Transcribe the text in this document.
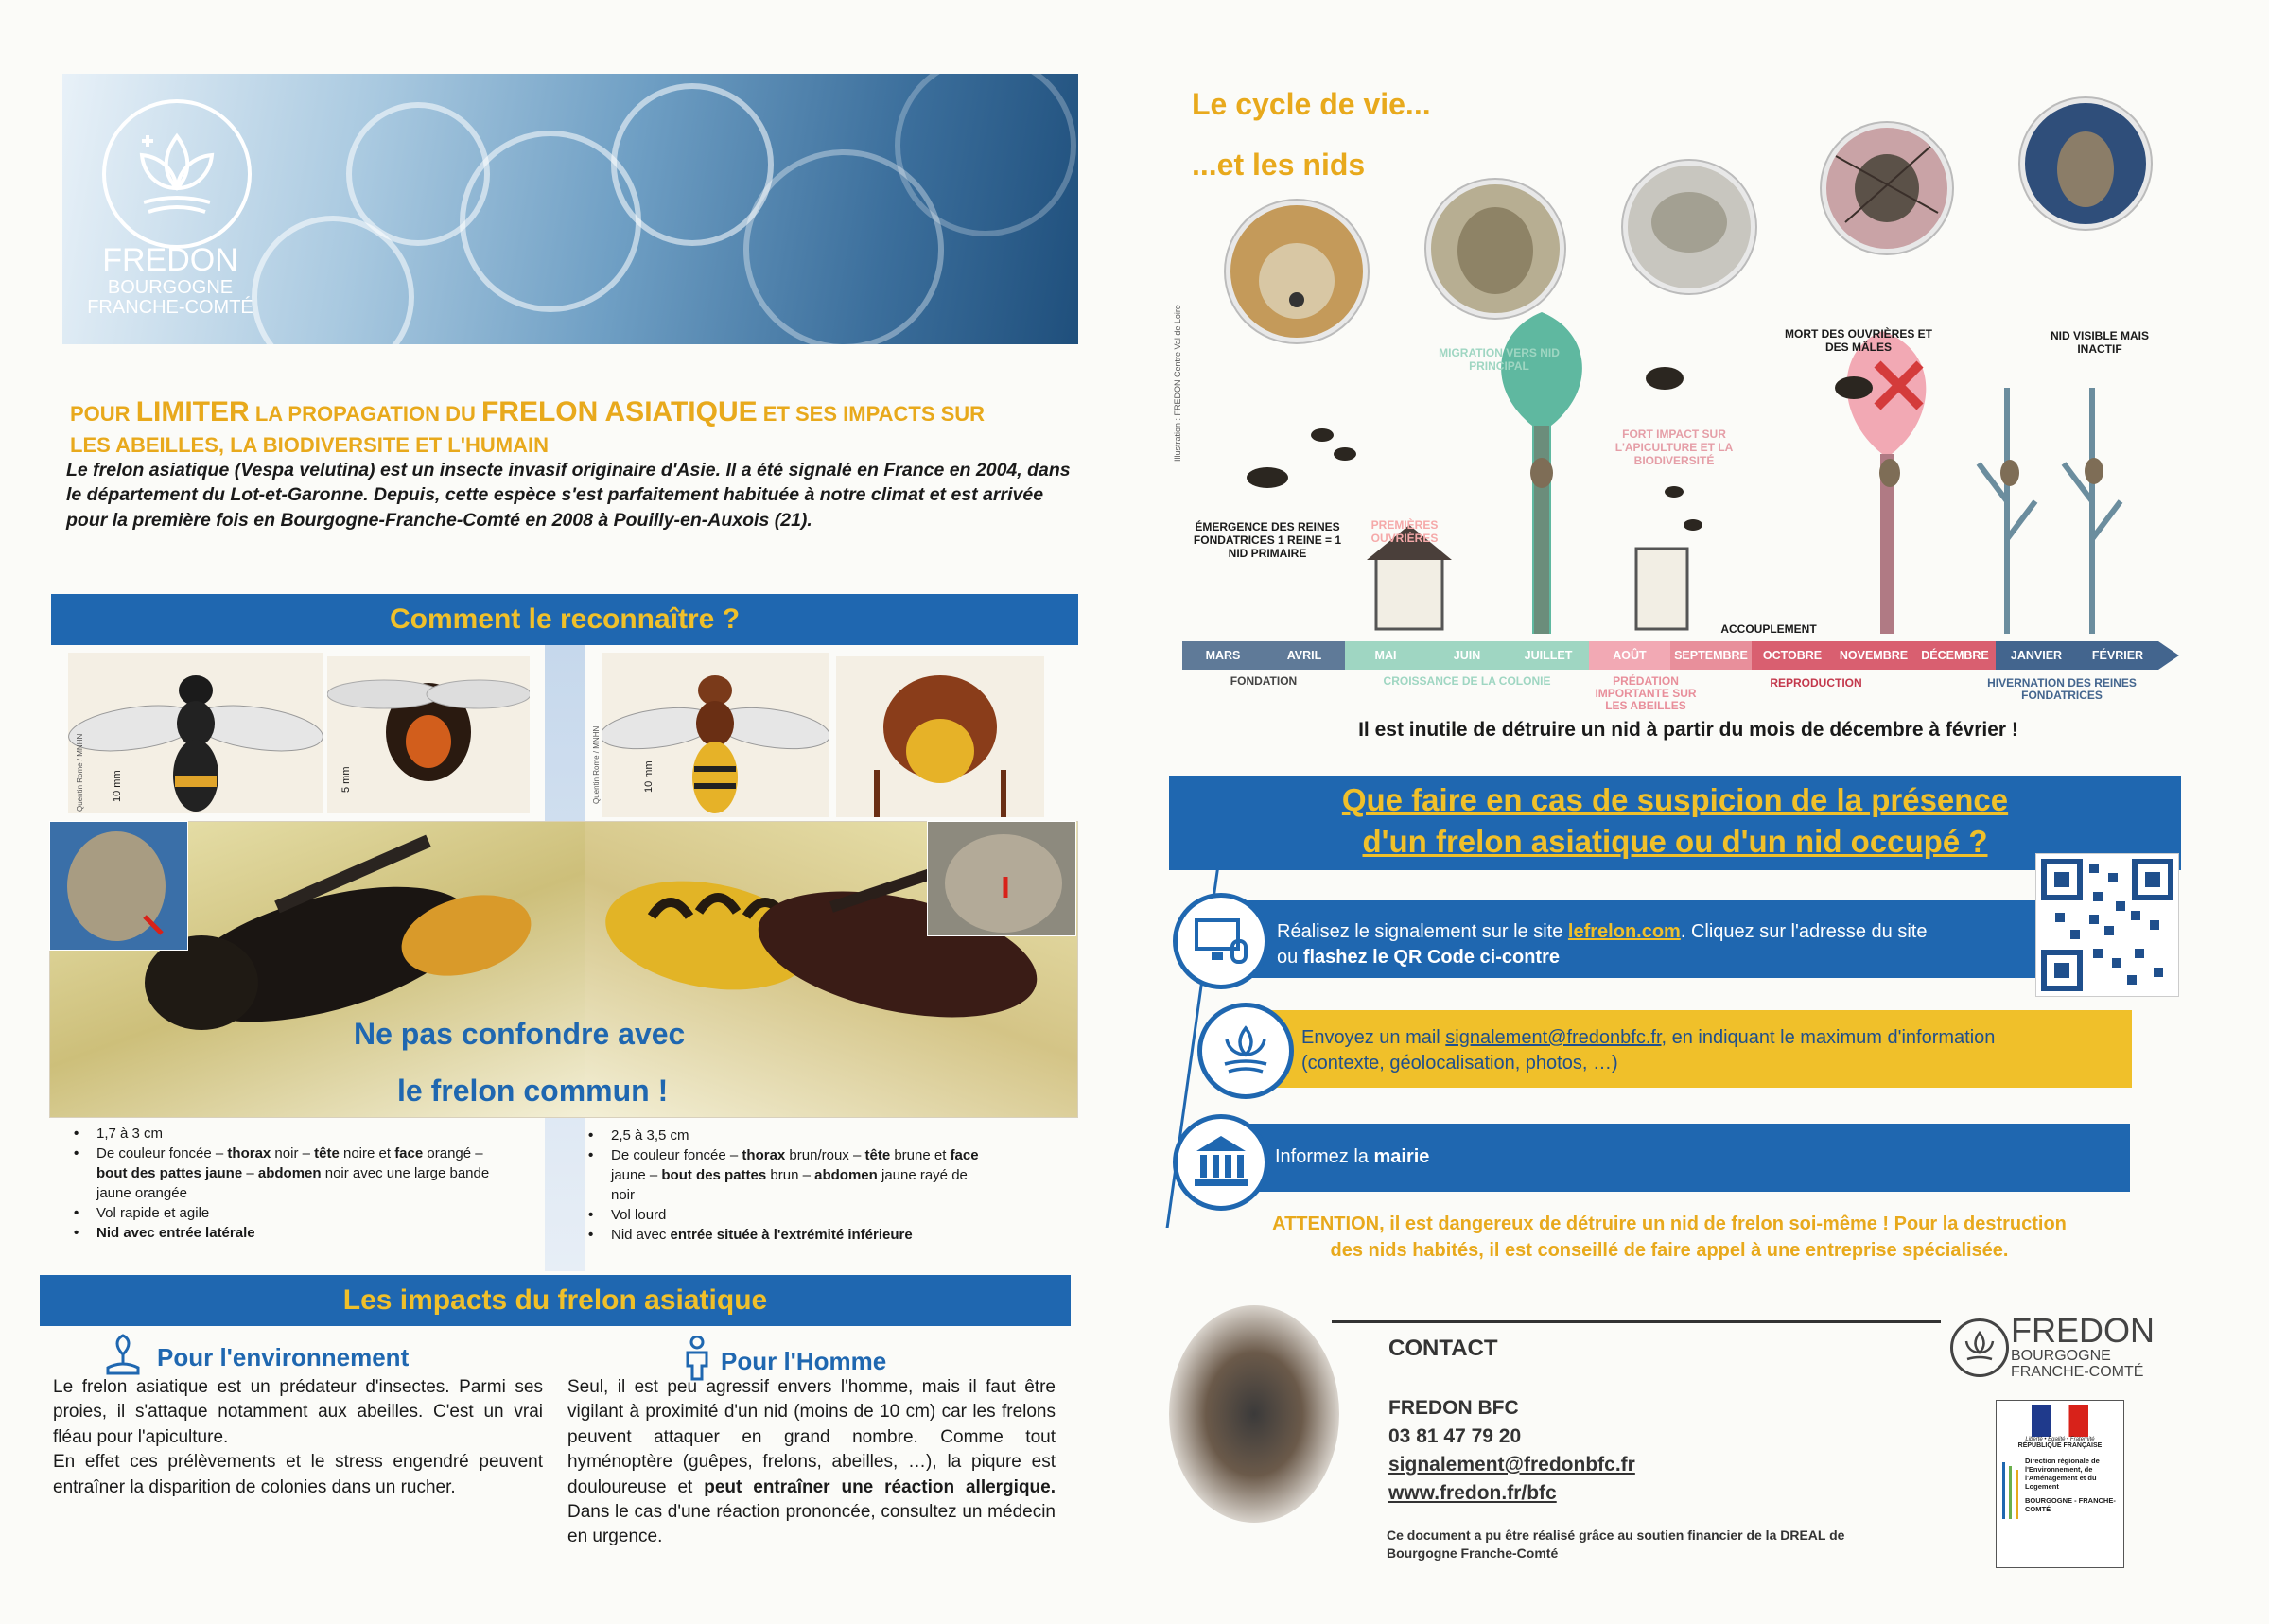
FREDON
BOURGOGNE
FRANCHE-COMTÉ
POUR LIMITER LA PROPAGATION DU FRELON ASIATIQUE ET SES IMPACTS SUR
LES ABEILLES, LA BIODIVERSITE ET L'HUMAIN
Le frelon asiatique (Vespa velutina) est un insecte invasif originaire d'Asie. Il a été signalé en France en 2004, dans le département du Lot-et-Garonne. Depuis, cette espèce s'est parfaitement habituée à notre climat et est arrivée pour la première fois en Bourgogne-Franche-Comté en 2008 à Pouilly-en-Auxois (21).
Comment le reconnaître ?
10 mm	5 mm
Quentin Rome / MNHN	10 mm
Quentin Rome / MNHN
Ne pas confondre avec
le frelon commun !
•	1,7 à 3 cm
•	De couleur foncée – thorax noir – tête noire et face orangé –
bout des pattes jaune – abdomen noir avec une large bande
jaune orangée
•	Vol rapide et agile
•	Nid avec entrée latérale
•	2,5 à 3,5 cm
•	De couleur foncée – thorax brun/roux – tête brune et face
jaune – bout des pattes brun – abdomen jaune rayé de
noir
•	Vol lourd
•	Nid avec entrée située à l'extrémité inférieure
Les impacts du frelon asiatique
Pour l'environnement
Le frelon asiatique est un prédateur d'insectes. Parmi ses proies, il s'attaque notamment aux abeilles. C'est un vrai fléau pour l'apiculture.
En effet ces prélèvements et le stress engendré peuvent entraîner la disparition de colonies dans un rucher.
Pour l'Homme
Seul, il est peu agressif envers l'homme, mais il faut être vigilant à proximité d'un nid (moins de 10 cm) car les frelons peuvent attaquer en grand nombre. Comme tout hyménoptère (guêpes, frelons, abeilles, …), la piqure est douloureuse et peut entraîner une réaction allergique. Dans le cas d'une réaction prononcée, consultez un médecin en urgence.
Le cycle de vie...
...et les nids
Illustration : FREDON Centre Val de Loire
ÉMERGENCE DES REINES FONDATRICES 1 REINE = 1 NID PRIMAIRE
PREMIÈRES OUVRIÈRES
MIGRATION VERS NID PRINCIPAL
FORT IMPACT SUR L'APICULTURE ET LA BIODIVERSITÉ
MORT DES OUVRIÈRES ET DES MÂLES
NID VISIBLE MAIS INACTIF
ACCOUPLEMENT
MARS	AVRIL	MAI	JUIN	JUILLET	AOÛT	SEPTEMBRE	OCTOBRE	NOVEMBRE	DÉCEMBRE	JANVIER	FÉVRIER
FONDATION	CROISSANCE DE LA COLONIE	PRÉDATION IMPORTANTE SUR LES ABEILLES
REPRODUCTION	HIVERNATION DES REINES FONDATRICES
Il est inutile de détruire un nid à partir du mois de décembre à février !
Que faire en cas de suspicion de la présence
d'un frelon asiatique ou d'un nid occupé ?
Réalisez le signalement sur le site lefrelon.com. Cliquez sur l'adresse du site
ou flashez le QR Code ci-contre
Envoyez un mail signalement@fredonbfc.fr, en indiquant le maximum d'information
(contexte, géolocalisation, photos, …)
Informez la mairie
ATTENTION, il est dangereux de détruire un nid de frelon soi-même ! Pour la destruction
des nids habités, il est conseillé de faire appel à une entreprise spécialisée.
CONTACT
FREDON BFC
03 81 47 79 20
signalement@fredonbfc.fr
www.fredon.fr/bfc
Ce document a pu être réalisé grâce au soutien financier de la DREAL de Bourgogne Franche-Comté
FREDON
BOURGOGNE
FRANCHE-COMTÉ
Liberté • Égalité • Fraternité
RÉPUBLIQUE FRANÇAISE
Direction régionale de l'Environnement, de l'Aménagement et du Logement
BOURGOGNE - FRANCHE-COMTÉ
